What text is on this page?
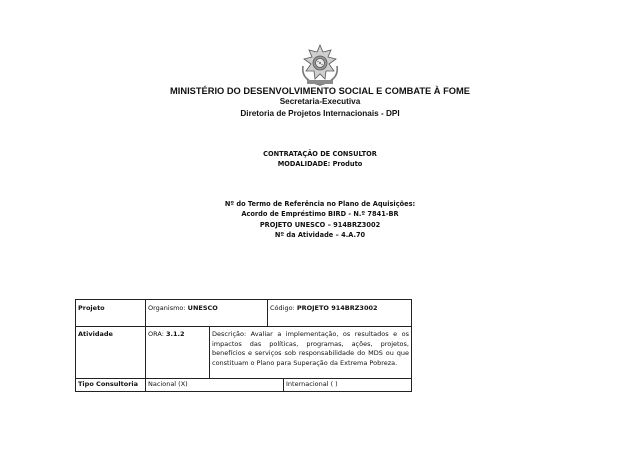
MINISTÉRIO DO DESENVOLVIMENTO SOCIAL E COMBATE À FOME
Secretaria-Executiva
Diretoria de Projetos Internacionais - DPI
CONTRATAÇÃO DE CONSULTOR
MODALIDADE: Produto
Nº do Termo de Referência no Plano de Aquisições:
Acordo de Empréstimo BIRD - N.º 7841-BR
PROJETO UNESCO – 914BRZ3002
Nº da Atividade – 4.A.70
Projeto	Organismo: UNESCO		Código: PROJETO 914BRZ3002	
Atividade	ORA: 3.1.2	Descrição: Avaliar a implementação, os resultados e os impactos das políticas, programas, ações, projetos, benefícios e serviços sob responsabilidade do MDS ou que constituam o Plano para Superação da Extrema Pobreza.		
Tipo Consultoria	Nacional (X)			Internacional ( )
